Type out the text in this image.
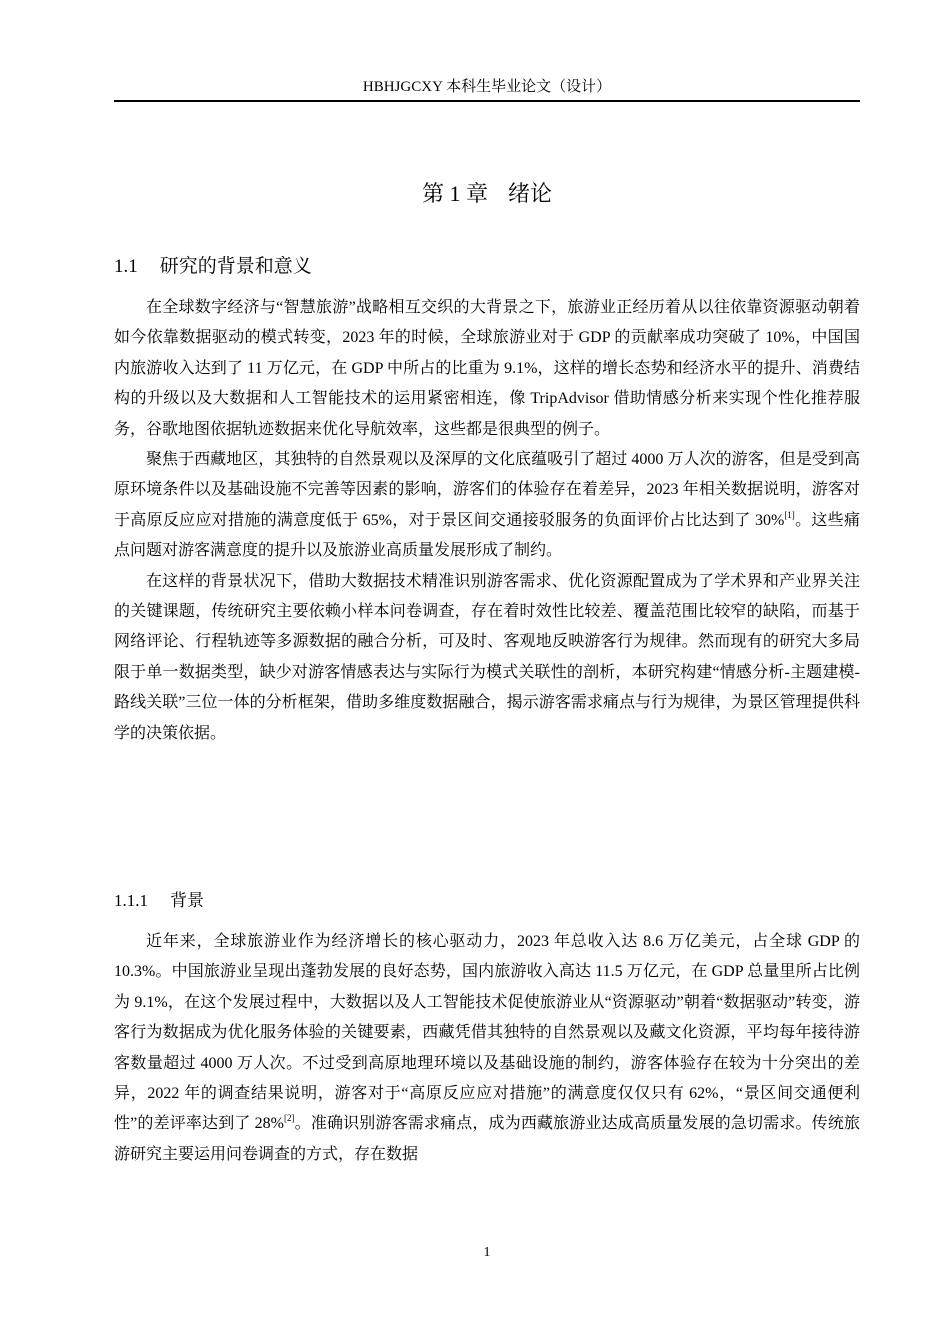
HBHJGCXY 本科生毕业论文（设计）
第 1 章 绪论
1.1 研究的背景和意义

在全球数字经济与“智慧旅游”战略相互交织的大背景之下，旅游业正经历着从以往依靠资源驱动朝着如今依靠数据驱动的模式转变，2023 年的时候，全球旅游业对于 GDP 的贡献率成功突破了 10%，中国国内旅游收入达到了 11 万亿元，在 GDP 中所占的比重为 9.1%，这样的增长态势和经济水平的提升、消费结构的升级以及大数据和人工智能技术的运用紧密相连，像 TripAdvisor 借助情感分析来实现个性化推荐服务，谷歌地图依据轨迹数据来优化导航效率，这些都是很典型的例子。

聚焦于西藏地区，其独特的自然景观以及深厚的文化底蕴吸引了超过 4000 万人次的游客，但是受到高原环境条件以及基础设施不完善等因素的影响，游客们的体验存在着差异，2023 年相关数据说明，游客对于高原反应应对措施的满意度低于 65%，对于景区间交通接驳服务的负面评价占比达到了 30%[1]。这些痛点问题对游客满意度的提升以及旅游业高质量发展形成了制约。

在这样的背景状况下，借助大数据技术精准识别游客需求、优化资源配置成为了学术界和产业界关注的关键课题，传统研究主要依赖小样本问卷调查，存在着时效性比较差、覆盖范围比较窄的缺陷，而基于网络评论、行程轨迹等多源数据的融合分析，可及时、客观地反映游客行为规律。然而现有的研究大多局限于单一数据类型，缺少对游客情感表达与实际行为模式关联性的剖析，本研究构建“情感分析-主题建模-路线关联”三位一体的分析框架，借助多维度数据融合，揭示游客需求痛点与行为规律，为景区管理提供科学的决策依据。

1.1.1 背景

近年来，全球旅游业作为经济增长的核心驱动力，2023 年总收入达 8.6 万亿美元，占全球 GDP 的 10.3%。中国旅游业呈现出蓬勃发展的良好态势，国内旅游收入高达 11.5 万亿元，在 GDP 总量里所占比例为 9.1%，在这个发展过程中，大数据以及人工智能技术促使旅游业从“资源驱动”朝着“数据驱动”转变，游客行为数据成为优化服务体验的关键要素，西藏凭借其独特的自然景观以及藏文化资源，平均每年接待游客数量超过 4000 万人次。不过受到高原地理环境以及基础设施的制约，游客体验存在较为十分突出的差异，2022 年的调查结果说明，游客对于“高原反应应对措施”的满意度仅仅只有 62%，“景区间交通便利性”的差评率达到了 28%[2]。准确识别游客需求痛点，成为西藏旅游业达成高质量发展的急切需求。传统旅游研究主要运用问卷调查的方式，存在数据

1
